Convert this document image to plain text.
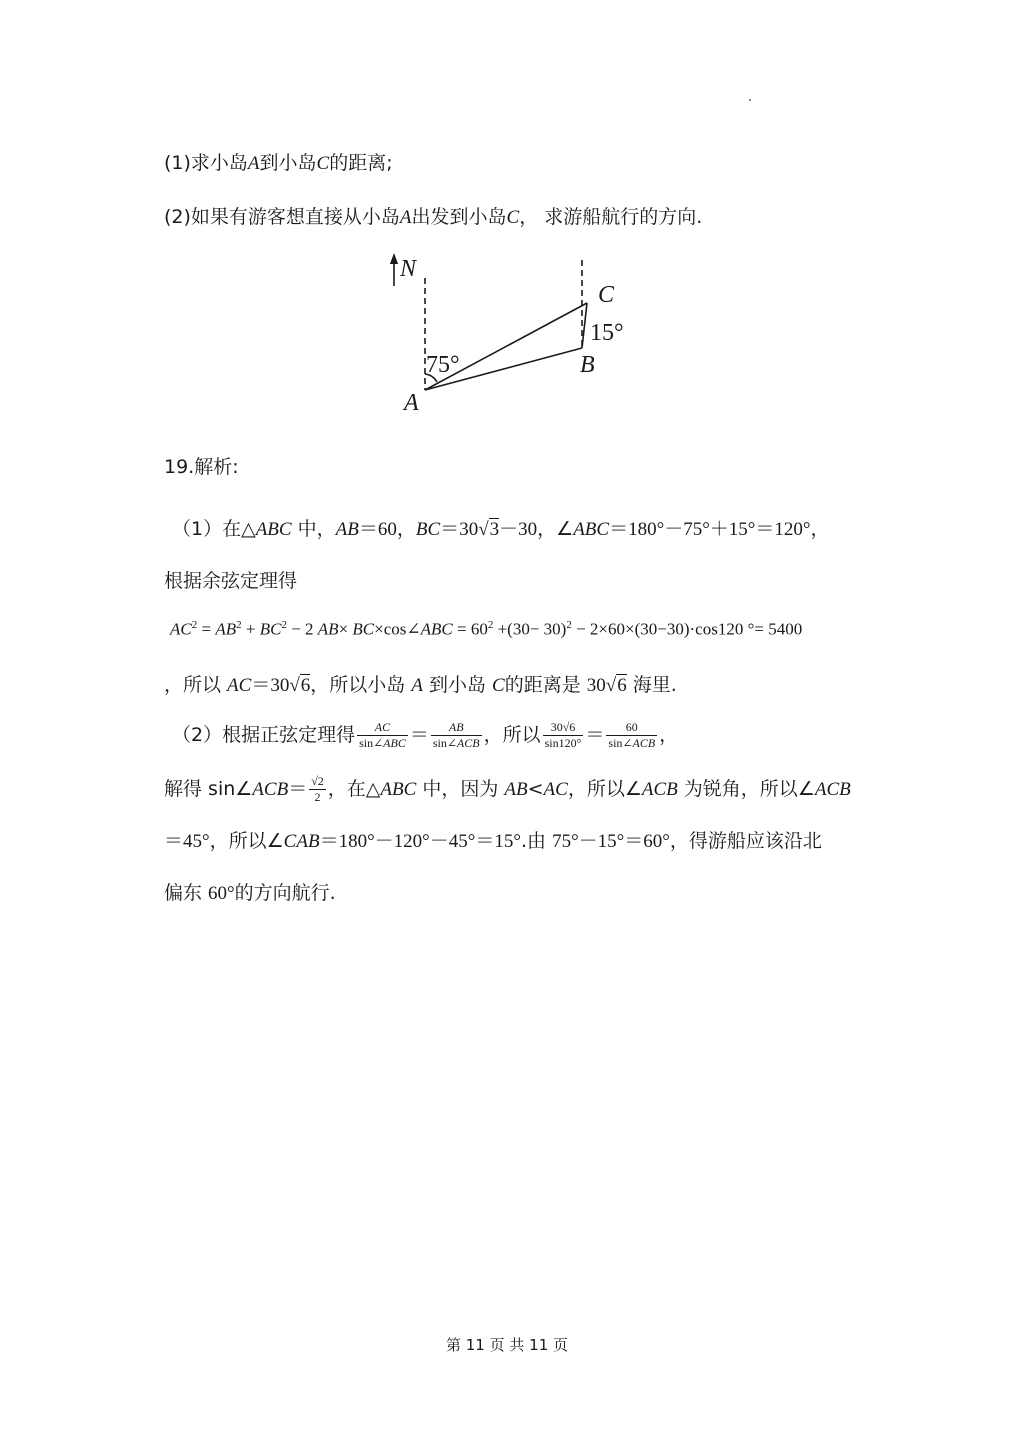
(1)求小岛A到小岛C的距离;
(2)如果有游客想直接从小岛A出发到小岛C， 求游船航行的方向.
N
75°
A
C
15°
B
19.解析:
（1）在△ABC 中，AB＝60，BC＝30√3－30，∠ABC＝180°－75°＋15°＝120°，
根据余弦定理得
$AC^2 = AB^2 + BC^2 - 2$ AB× BC×cos∠ABC = $60^2 +(30- 30)^2 - 2\times 60\times(30-30)\cdot\cos 120$ °= 5400
，所以 AC＝30√6，所以小岛 A 到小岛 C的距离是 30√6 海里.
（2）根据正弦定理得 $\frac{AC}{\text{sin∠ABC}} = \frac{AB}{\text{sin∠ACB}}$ ，所以 $\frac{30√6}{\sin 120^\circ} = \frac{60}{\text{sin∠ACB}}$ ，
解得 sin∠ACB＝ $\frac{√2}{2}$ ，在△ABC 中，因为 AB<AC，所以∠ACB 为锐角，所以∠ACB
＝45°，所以∠CAB＝180°－120°－45°＝15°.由 75°－15°＝60°，得游船应该沿北
偏东 60°的方向航行.
第 11 页 共 11 页
